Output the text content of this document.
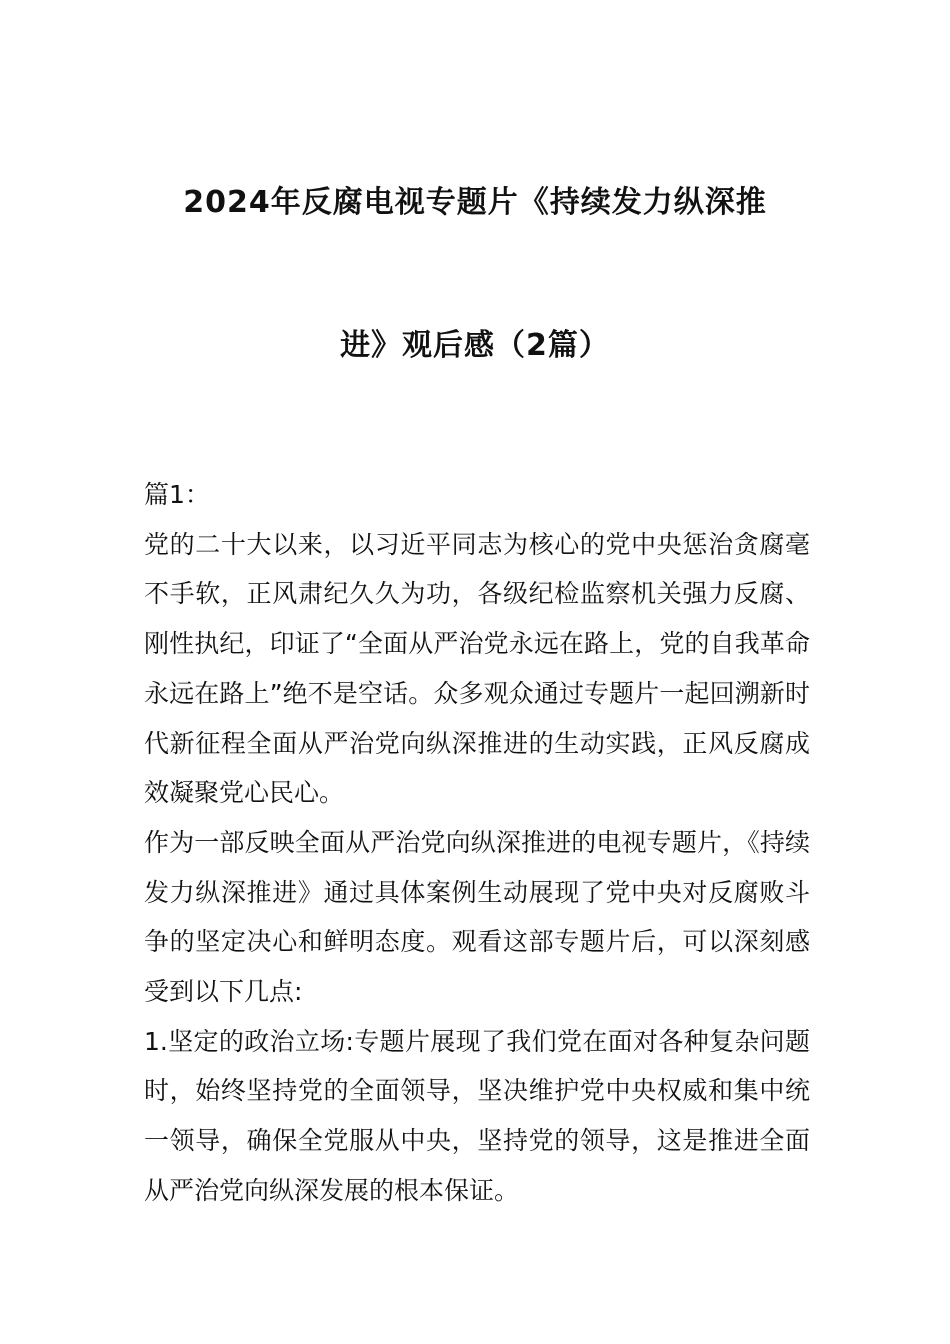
2024年反腐电视专题片《持续发力纵深推
进》观后感（2篇）

篇1：

党的二十大以来，以习近平同志为核心的党中央惩治贪腐毫不手软，正风肃纪久久为功，各级纪检监察机关强力反腐、刚性执纪，印证了“全面从严治党永远在路上，党的自我革命永远在路上”绝不是空话。众多观众通过专题片一起回溯新时代新征程全面从严治党向纵深推进的生动实践，正风反腐成效凝聚党心民心。

作为一部反映全面从严治党向纵深推进的电视专题片，《持续发力纵深推进》通过具体案例生动展现了党中央对反腐败斗争的坚定决心和鲜明态度。观看这部专题片后，可以深刻感受到以下几点:

1.坚定的政治立场:专题片展现了我们党在面对各种复杂问题时，始终坚持党的全面领导，坚决维护党中央权威和集中统一领导，确保全党服从中央，坚持党的领导，这是推进全面从严治党向纵深发展的根本保证。
